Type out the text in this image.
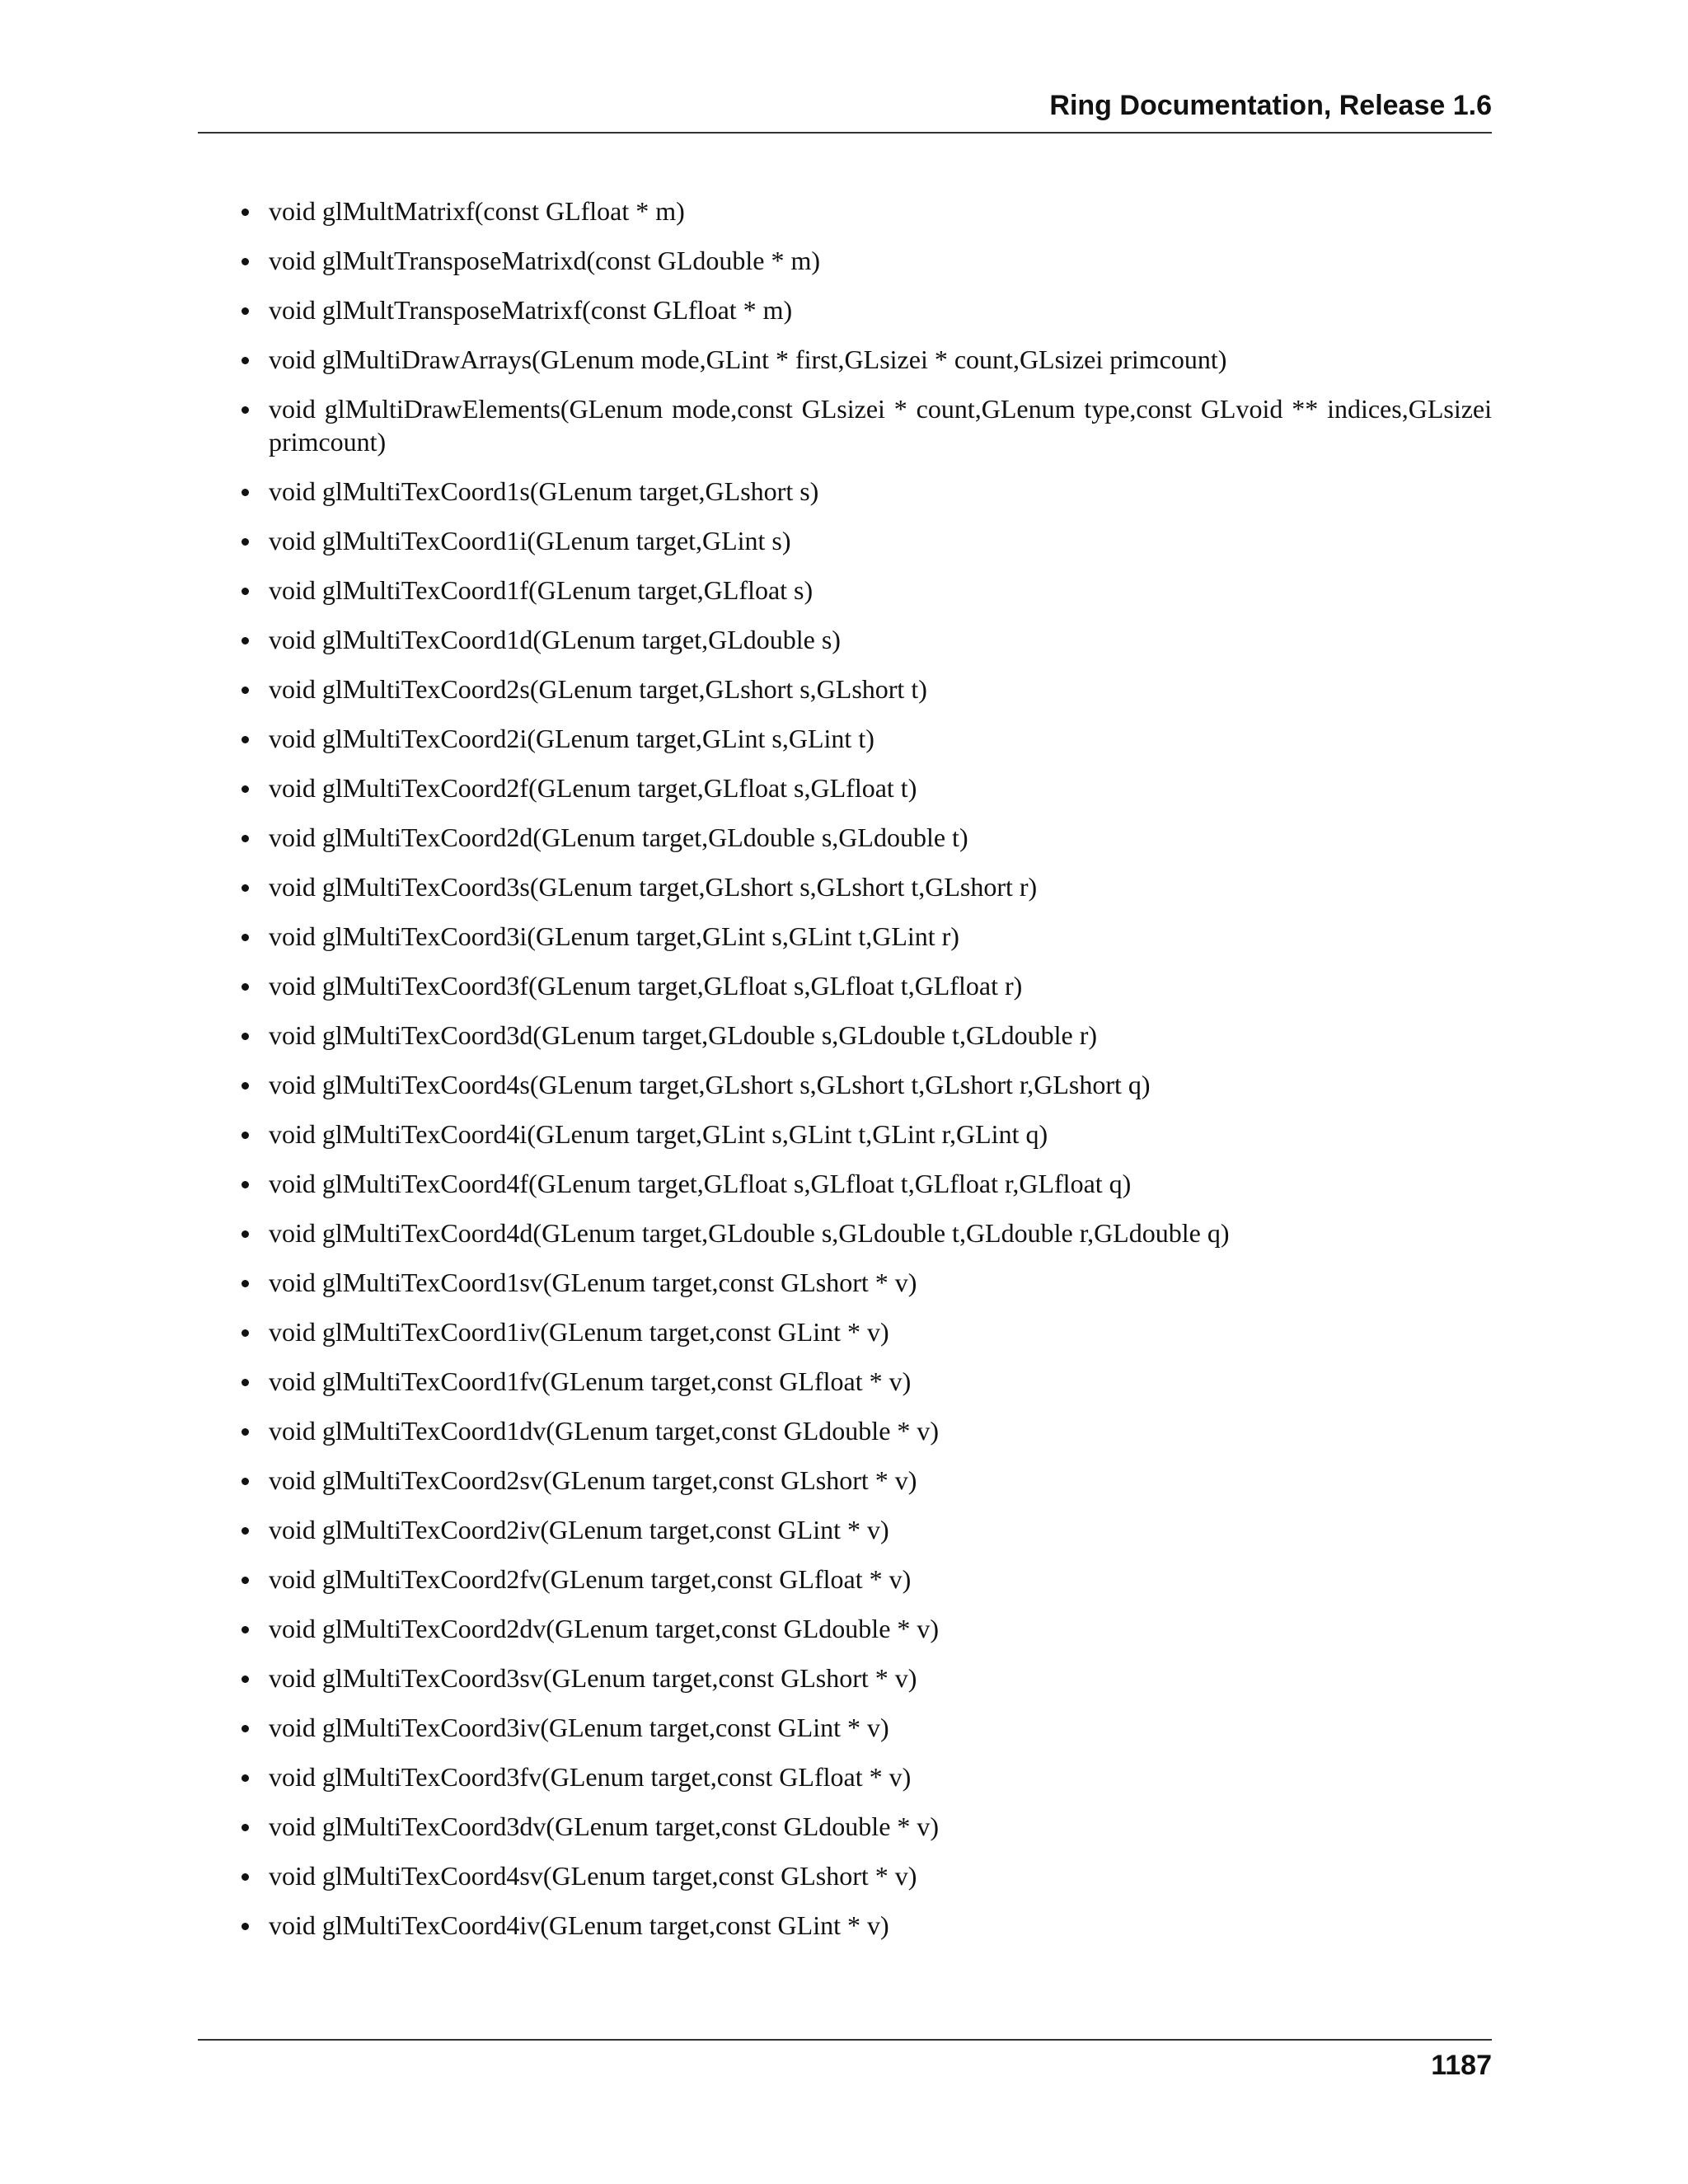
Ring Documentation, Release 1.6
void glMultMatrixf(const GLfloat * m)
void glMultTransposeMatrixd(const GLdouble * m)
void glMultTransposeMatrixf(const GLfloat * m)
void glMultiDrawArrays(GLenum mode,GLint * first,GLsizei * count,GLsizei primcount)
void glMultiDrawElements(GLenum mode,const GLsizei * count,GLenum type,const GLvoid ** indices,GLsizei primcount)
void glMultiTexCoord1s(GLenum target,GLshort s)
void glMultiTexCoord1i(GLenum target,GLint s)
void glMultiTexCoord1f(GLenum target,GLfloat s)
void glMultiTexCoord1d(GLenum target,GLdouble s)
void glMultiTexCoord2s(GLenum target,GLshort s,GLshort t)
void glMultiTexCoord2i(GLenum target,GLint s,GLint t)
void glMultiTexCoord2f(GLenum target,GLfloat s,GLfloat t)
void glMultiTexCoord2d(GLenum target,GLdouble s,GLdouble t)
void glMultiTexCoord3s(GLenum target,GLshort s,GLshort t,GLshort r)
void glMultiTexCoord3i(GLenum target,GLint s,GLint t,GLint r)
void glMultiTexCoord3f(GLenum target,GLfloat s,GLfloat t,GLfloat r)
void glMultiTexCoord3d(GLenum target,GLdouble s,GLdouble t,GLdouble r)
void glMultiTexCoord4s(GLenum target,GLshort s,GLshort t,GLshort r,GLshort q)
void glMultiTexCoord4i(GLenum target,GLint s,GLint t,GLint r,GLint q)
void glMultiTexCoord4f(GLenum target,GLfloat s,GLfloat t,GLfloat r,GLfloat q)
void glMultiTexCoord4d(GLenum target,GLdouble s,GLdouble t,GLdouble r,GLdouble q)
void glMultiTexCoord1sv(GLenum target,const GLshort * v)
void glMultiTexCoord1iv(GLenum target,const GLint * v)
void glMultiTexCoord1fv(GLenum target,const GLfloat * v)
void glMultiTexCoord1dv(GLenum target,const GLdouble * v)
void glMultiTexCoord2sv(GLenum target,const GLshort * v)
void glMultiTexCoord2iv(GLenum target,const GLint * v)
void glMultiTexCoord2fv(GLenum target,const GLfloat * v)
void glMultiTexCoord2dv(GLenum target,const GLdouble * v)
void glMultiTexCoord3sv(GLenum target,const GLshort * v)
void glMultiTexCoord3iv(GLenum target,const GLint * v)
void glMultiTexCoord3fv(GLenum target,const GLfloat * v)
void glMultiTexCoord3dv(GLenum target,const GLdouble * v)
void glMultiTexCoord4sv(GLenum target,const GLshort * v)
void glMultiTexCoord4iv(GLenum target,const GLint * v)
1187
